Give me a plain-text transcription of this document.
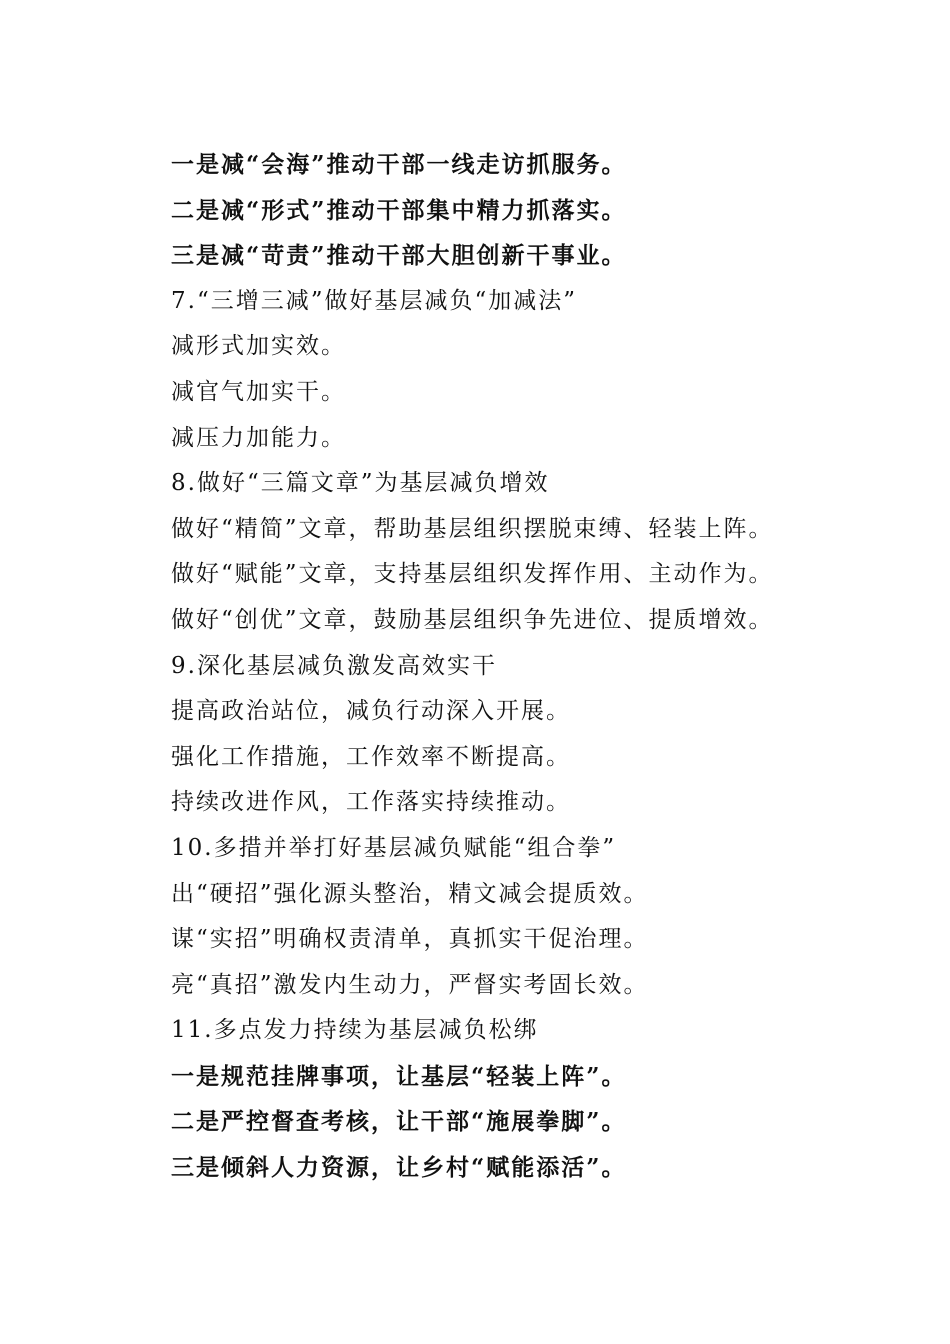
一是减“会海”推动干部一线走访抓服务。
二是减“形式”推动干部集中精力抓落实。
三是减“苛责”推动干部大胆创新干事业。
7.“三增三减”做好基层减负“加减法”
减形式加实效。
减官气加实干。
减压力加能力。
8.做好“三篇文章”为基层减负增效
做好“精简”文章，帮助基层组织摆脱束缚、轻装上阵。
做好“赋能”文章，支持基层组织发挥作用、主动作为。
做好“创优”文章，鼓励基层组织争先进位、提质增效。
9.深化基层减负激发高效实干
提高政治站位，减负行动深入开展。
强化工作措施，工作效率不断提高。
持续改进作风，工作落实持续推动。
10.多措并举打好基层减负赋能“组合拳”
出“硬招”强化源头整治，精文减会提质效。
谋“实招”明确权责清单，真抓实干促治理。
亮“真招”激发内生动力，严督实考固长效。
11.多点发力持续为基层减负松绑
一是规范挂牌事项，让基层“轻装上阵”。
二是严控督查考核，让干部“施展拳脚”。
三是倾斜人力资源，让乡村“赋能添活”。
